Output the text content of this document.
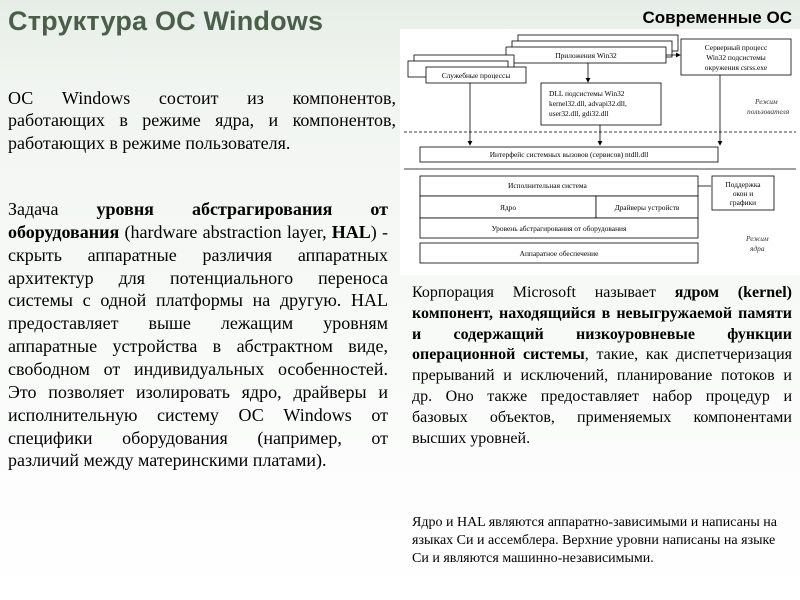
Структура ОС Windows	Современные ОС

ОС Windows состоит из компонентов, работающих в режиме ядра, и компонентов, работающих в режиме пользователя.

Задача уровня абстрагирования от оборудования (hardware abstraction layer, HAL) - скрыть аппаратные различия аппаратных архитектур для потенциального переноса системы с одной платформы на другую. HAL предоставляет выше лежащим уровням аппаратные устройства в абстрактном виде, свободном от индивидуальных особенностей. Это позволяет изолировать ядро, драйверы и исполнительную систему ОС Windows от специфики оборудования (например, от различий между материнскими платами).

Приложения Win32
Служебные процессы
Серверный процесс
Win32 подсистемы
окружения csrss.exe
DLL подсистемы Win32
kernel32.dll, advapi32.dll,
user32.dll, gdi32.dll
Режим
пользователя
Интерфейс системных вызовов (сервисов) ntdll.dll
Исполнительная система
Ядро	Драйверы устройств
Уровень абстрагирования от оборудования
Аппаратное обеспечение
Поддержка
окон и
графики
Режим
ядра

Корпорация Microsoft называет ядром (kernel) компонент, находящийся в невыгружаемой памяти и содержащий низкоуровневые функции операционной системы, такие, как диспетчеризация прерываний и исключений, планирование потоков и др. Оно также предоставляет набор процедур и базовых объектов, применяемых компонентами высших уровней.

Ядро и HAL являются аппаратно-зависимыми и написаны на языках Си и ассемблера. Верхние уровни написаны на языке Си и являются машинно-независимыми.
